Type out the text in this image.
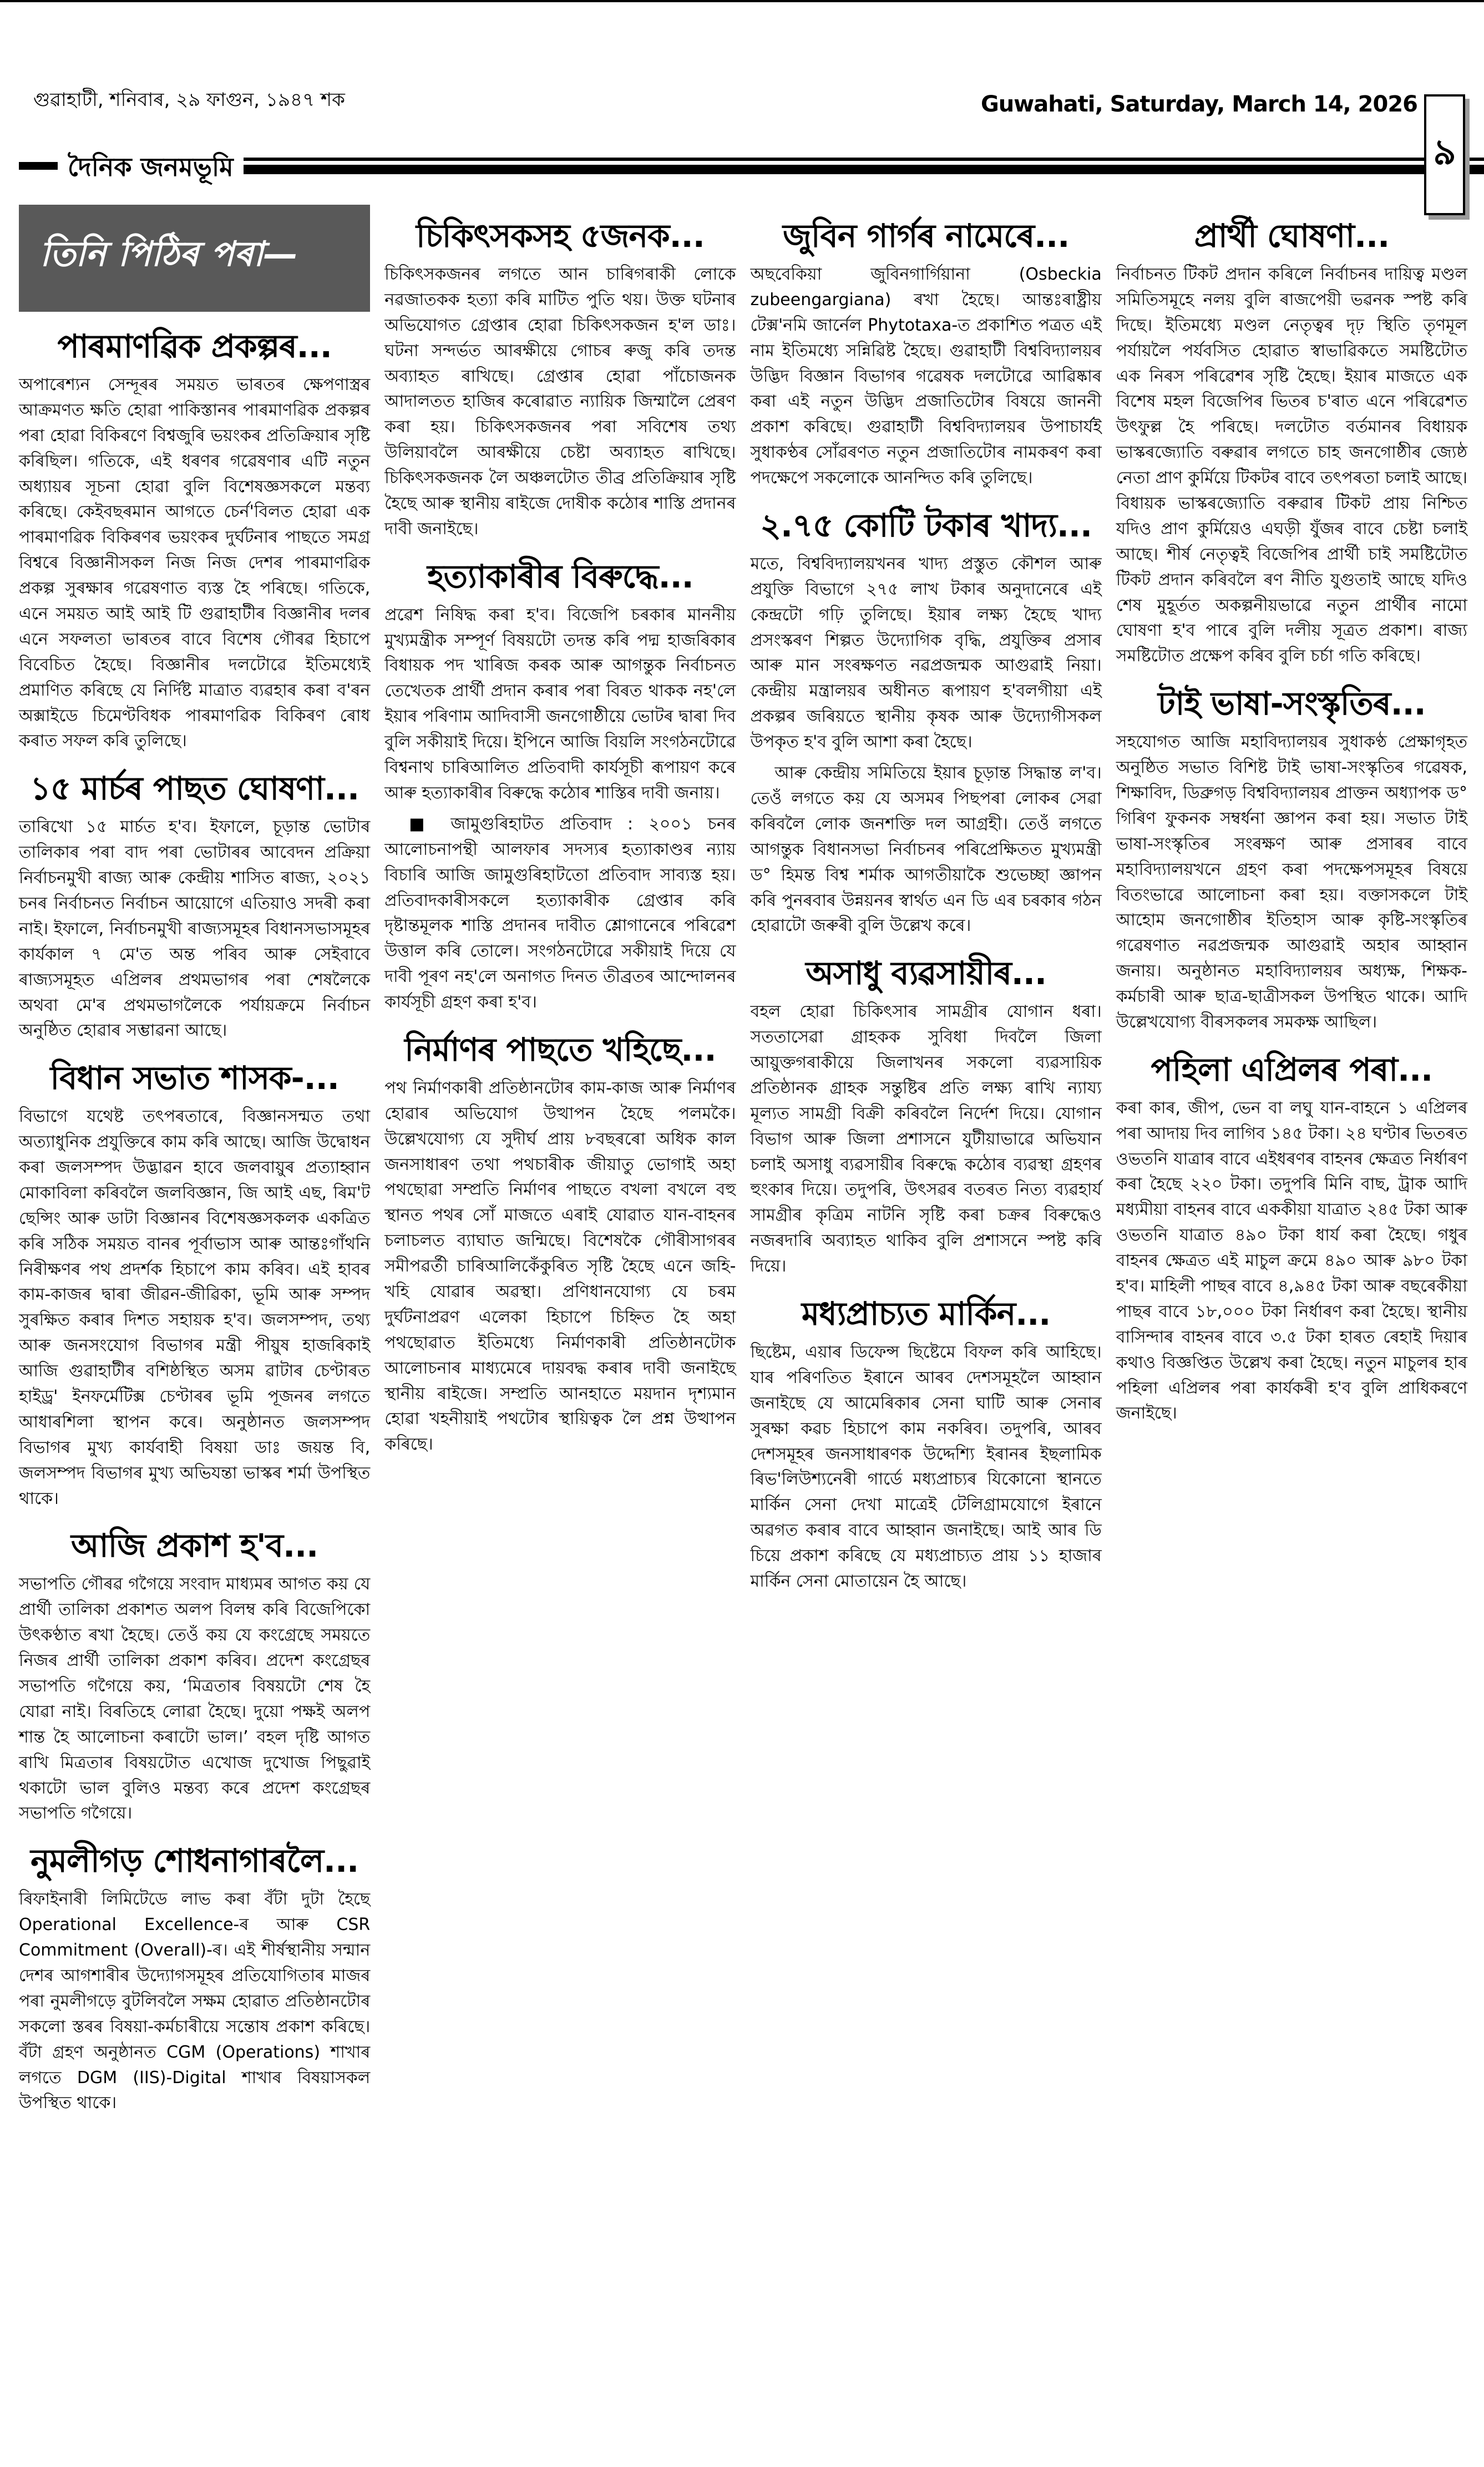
গুৱাহাটী, শনিবাৰ, ২৯ ফাগুন, ১৯৪৭ শক	Guwahati, Saturday, March 14, 2026
৯
দৈনিক জনমভূমি
তিনি পিঠিৰ পৰা—
পাৰমাণৱিক প্ৰকল্পৰ...

অপাৰেশ্যন সেন্দূৰৰ সময়ত ভাৰতৰ ক্ষেপণাস্ত্ৰৰ আক্ৰমণত ক্ষতি হোৱা পাকিস্তানৰ পাৰমাণৱিক প্ৰকল্পৰ পৰা হোৱা বিকিৰণে বিশ্বজুৰি ভয়ংকৰ প্ৰতিক্ৰিয়াৰ সৃষ্টি কৰিছিল। গতিকে, এই ধৰণৰ গৱেষণাৰ এটি নতুন অধ্যায়ৰ সূচনা হোৱা বুলি বিশেষজ্ঞসকলে মন্তব্য কৰিছে। কেইবছৰমান আগতে চেৰ্ন'বিলত হোৱা এক পাৰমাণৱিক বিকিৰণৰ ভয়ংকৰ দুৰ্ঘটনাৰ পাছতে সমগ্ৰ বিশ্বৰে বিজ্ঞানীসকল নিজ নিজ দেশৰ পাৰমাণৱিক প্ৰকল্প সুৰক্ষাৰ গৱেষণাত ব্যস্ত হৈ পৰিছে। গতিকে, এনে সময়ত আই আই টি গুৱাহাটীৰ বিজ্ঞানীৰ দলৰ এনে সফলতা ভাৰতৰ বাবে বিশেষ গৌৰৱ হিচাপে বিবেচিত হৈছে। বিজ্ঞানীৰ দলটোৱে ইতিমধ্যেই প্ৰমাণিত কৰিছে যে নিৰ্দিষ্ট মাত্ৰাত ব্যৱহাৰ কৰা ব'ৰন অক্সাইডে চিমেণ্টবিধক পাৰমাণৱিক বিকিৰণ ৰোধ কৰাত সফল কৰি তুলিছে।

১৫ মাৰ্চৰ পাছত ঘোষণা...

তাৰিখো ১৫ মাৰ্চত হ'ব। ইফালে, চূড়ান্ত ভোটাৰ তালিকাৰ পৰা বাদ পৰা ভোটাৰৰ আবেদন প্ৰক্ৰিয়া নিৰ্বাচনমুখী ৰাজ্য আৰু কেন্দ্ৰীয় শাসিত ৰাজ্য, ২০২১ চনৰ নিৰ্বাচনত নিৰ্বাচন আয়োগে এতিয়াও সদৰী কৰা নাই। ইফালে, নিৰ্বাচনমুখী ৰাজ্যসমূহৰ বিধানসভাসমূহৰ কাৰ্যকাল ৭ মে'ত অন্ত পৰিব আৰু সেইবাবে ৰাজ্যসমূহত এপ্ৰিলৰ প্ৰথমভাগৰ পৰা শেষলৈকে অথবা মে'ৰ প্ৰথমভাগলৈকে পৰ্যায়ক্ৰমে নিৰ্বাচন অনুষ্ঠিত হোৱাৰ সম্ভাৱনা আছে।

বিধান সভাত শাসক-...

বিভাগে যথেষ্ট তৎপৰতাৰে, বিজ্ঞানসন্মত তথা অত্যাধুনিক প্ৰযুক্তিৰে কাম কৰি আছে। আজি উদ্বোধন কৰা জলসম্পদ উদ্ভাৱন হাবে জলবায়ুৰ প্ৰত্যাহ্বান মোকাবিলা কৰিবলৈ জলবিজ্ঞান, জি আই এছ, ৰিম'ট ছেন্সিং আৰু ডাটা বিজ্ঞানৰ বিশেষজ্ঞসকলক একত্ৰিত কৰি সঠিক সময়ত বানৰ পূৰ্বাভাস আৰু আন্তঃগাঁথনি নিৰীক্ষণৰ পথ প্ৰদৰ্শক হিচাপে কাম কৰিব। এই হাবৰ কাম-কাজৰ দ্বাৰা জীৱন-জীৱিকা, ভূমি আৰু সম্পদ সুৰক্ষিত কৰাৰ দিশত সহায়ক হ'ব। জলসম্পদ, তথ্য আৰু জনসংযোগ বিভাগৰ মন্ত্ৰী পীয়ুষ হাজৰিকাই আজি গুৱাহাটীৰ বশিষ্ঠস্থিত অসম ৱাটাৰ চেণ্টাৰত হাইড্ৰ' ইনফৰ্মেটিক্স চেণ্টাৰৰ ভূমি পূজনৰ লগতে আধাৰশিলা স্থাপন কৰে। অনুষ্ঠানত জলসম্পদ বিভাগৰ মুখ্য কাৰ্যবাহী বিষয়া ডাঃ জয়ন্ত বি, জলসম্পদ বিভাগৰ মুখ্য অভিযন্তা ভাস্কৰ শৰ্মা উপস্থিত থাকে।

আজি প্ৰকাশ হ'ব...

সভাপতি গৌৰৱ গগৈয়ে সংবাদ মাধ্যমৰ আগত কয় যে প্ৰাৰ্থী তালিকা প্ৰকাশত অলপ বিলম্ব কৰি বিজেপিকো উৎকণ্ঠাত ৰখা হৈছে। তেওঁ কয় যে কংগ্ৰেছে সময়তে নিজৰ প্ৰাৰ্থী তালিকা প্ৰকাশ কৰিব। প্ৰদেশ কংগ্ৰেছৰ সভাপতি গগৈয়ে কয়, ‘মিত্ৰতাৰ বিষয়টো শেষ হৈ যোৱা নাই। বিৰতিহে লোৱা হৈছে। দুয়ো পক্ষই অলপ শান্ত হৈ আলোচনা কৰাটো ভাল।’ বহল দৃষ্টি আগত ৰাখি মিত্ৰতাৰ বিষয়টোত এখোজ দুখোজ পিছুৱাই থকাটো ভাল বুলিও মন্তব্য কৰে প্ৰদেশ কংগ্ৰেছৰ সভাপতি গগৈয়ে।

নুমলীগড় শোধনাগাৰলৈ...

ৰিফাইনাৰী লিমিটেডে লাভ কৰা বঁটা দুটা হৈছে Operational Excellence-ৰ আৰু CSR Commitment (Overall)-ৰ। এই শীৰ্ষস্থানীয় সন্মান দেশৰ আগশাৰীৰ উদ্যোগসমূহৰ প্ৰতিযোগিতাৰ মাজৰ পৰা নুমলীগড়ে বুটলিবলৈ সক্ষম হোৱাত প্ৰতিষ্ঠানটোৰ সকলো স্তৰৰ বিষয়া-কৰ্মচাৰীয়ে সন্তোষ প্ৰকাশ কৰিছে। বঁটা গ্ৰহণ অনুষ্ঠানত CGM (Operations) শাখাৰ লগতে DGM (IIS)-Digital শাখাৰ বিষয়াসকল উপস্থিত থাকে।

চিকিৎসকসহ ৫জনক...

চিকিৎসকজনৰ লগতে আন চাৰিগৰাকী লোকে নৱজাতকক হত্যা কৰি মাটিত পুতি থয়। উক্ত ঘটনাৰ অভিযোগত গ্ৰেপ্তাৰ হোৱা চিকিৎসকজন হ'ল ডাঃ। ঘটনা সন্দৰ্ভত আৰক্ষীয়ে গোচৰ ৰুজু কৰি তদন্ত অব্যাহত ৰাখিছে। গ্ৰেপ্তাৰ হোৱা পাঁচোজনক আদালতত হাজিৰ কৰোৱাত ন্যায়িক জিম্মালৈ প্ৰেৰণ কৰা হয়। চিকিৎসকজনৰ পৰা সবিশেষ তথ্য উলিয়াবলৈ আৰক্ষীয়ে চেষ্টা অব্যাহত ৰাখিছে। চিকিৎসকজনক লৈ অঞ্চলটোত তীব্ৰ প্ৰতিক্ৰিয়াৰ সৃষ্টি হৈছে আৰু স্থানীয় ৰাইজে দোষীক কঠোৰ শাস্তি প্ৰদানৰ দাবী জনাইছে।

হত্যাকাৰীৰ বিৰুদ্ধে...

প্ৰৱেশ নিষিদ্ধ কৰা হ'ব। বিজেপি চৰকাৰ মাননীয় মুখ্যমন্ত্ৰীক সম্পূৰ্ণ বিষয়টো তদন্ত কৰি পদ্ম হাজৰিকাৰ বিধায়ক পদ খাৰিজ কৰক আৰু আগন্তুক নিৰ্বাচনত তেখেতক প্ৰাৰ্থী প্ৰদান কৰাৰ পৰা বিৰত থাকক নহ'লে ইয়াৰ পৰিণাম আদিবাসী জনগোষ্ঠীয়ে ভোটৰ দ্বাৰা দিব বুলি সকীয়াই দিয়ে। ইপিনে আজি বিয়লি সংগঠনটোৱে বিশ্বনাথ চাৰিআলিত প্ৰতিবাদী কাৰ্যসূচী ৰূপায়ণ কৰে আৰু হত্যাকাৰীৰ বিৰুদ্ধে কঠোৰ শাস্তিৰ দাবী জনায়।

■ জামুগুৰিহাটত প্ৰতিবাদ : ২০০১ চনৰ আলোচনাপন্থী আলফাৰ সদস্যৰ হত্যাকাণ্ডৰ ন্যায় বিচাৰি আজি জামুগুৰিহাটতো প্ৰতিবাদ সাব্যস্ত হয়। প্ৰতিবাদকাৰীসকলে হত্যাকাৰীক গ্ৰেপ্তাৰ কৰি দৃষ্টান্তমূলক শাস্তি প্ৰদানৰ দাবীত শ্লোগানেৰে পৰিৱেশ উত্তাল কৰি তোলে। সংগঠনটোৱে সকীয়াই দিয়ে যে দাবী পূৰণ নহ'লে অনাগত দিনত তীব্ৰতৰ আন্দোলনৰ কাৰ্যসূচী গ্ৰহণ কৰা হ'ব।

নিৰ্মাণৰ পাছতে খহিছে...

পথ নিৰ্মাণকাৰী প্ৰতিষ্ঠানটোৰ কাম-কাজ আৰু নিৰ্মাণৰ হোৱাৰ অভিযোগ উত্থাপন হৈছে পলমকৈ। উল্লেখযোগ্য যে সুদীৰ্ঘ প্ৰায় ৮বছৰৰো অধিক কাল জনসাধাৰণ তথা পথচাৰীক জীয়াতু ভোগাই অহা পথছোৱা সম্প্ৰতি নিৰ্মাণৰ পাছতে বখলা বখলে বহু স্থানত পথৰ সোঁ মাজতে এৰাই যোৱাত যান-বাহনৰ চলাচলত ব্যাঘাত জন্মিছে। বিশেষকৈ গৌৰীসাগৰৰ সমীপৱৰ্তী চাৰিআলিকেঁকুৰিত সৃষ্টি হৈছে এনে জহি-খহি যোৱাৰ অৱস্থা। প্ৰণিধানযোগ্য যে চৰম দুৰ্ঘটনাপ্ৰৱণ এলেকা হিচাপে চিহ্নিত হৈ অহা পথছোৱাত ইতিমধ্যে নিৰ্মাণকাৰী প্ৰতিষ্ঠানটোক আলোচনাৰ মাধ্যমেৰে দায়বদ্ধ কৰাৰ দাবী জনাইছে স্থানীয় ৰাইজে। সম্প্ৰতি আনহাতে ময়দান দৃশ্যমান হোৱা খহনীয়াই পথটোৰ স্থায়িত্বক লৈ প্ৰশ্ন উত্থাপন কৰিছে।

জুবিন গাৰ্গৰ নামেৰে...

অছবেকিয়া জুবিনগাৰ্গিয়ানা (Osbeckia zubeengargiana) ৰখা হৈছে। আন্তঃৰাষ্ট্ৰীয় টেক্স'নমি জাৰ্নেল Phytotaxa-ত প্ৰকাশিত পত্ৰত এই নাম ইতিমধ্যে সন্নিৱিষ্ট হৈছে। গুৱাহাটী বিশ্ববিদ্যালয়ৰ উদ্ভিদ বিজ্ঞান বিভাগৰ গৱেষক দলটোৱে আৱিষ্কাৰ কৰা এই নতুন উদ্ভিদ প্ৰজাতিটোৰ বিষয়ে জাননী প্ৰকাশ কৰিছে। গুৱাহাটী বিশ্ববিদ্যালয়ৰ উপাচাৰ্যই সুধাকণ্ঠৰ সোঁৱৰণত নতুন প্ৰজাতিটোৰ নামকৰণ কৰা পদক্ষেপে সকলোকে আনন্দিত কৰি তুলিছে।

২.৭৫ কোটি টকাৰ খাদ্য...

মতে, বিশ্ববিদ্যালয়খনৰ খাদ্য প্ৰস্তুত কৌশল আৰু প্ৰযুক্তি বিভাগে ২৭৫ লাখ টকাৰ অনুদানেৰে এই কেন্দ্ৰটো গঢ়ি তুলিছে। ইয়াৰ লক্ষ্য হৈছে খাদ্য প্ৰসংস্কৰণ শিল্পত উদ্যোগিক বৃদ্ধি, প্ৰযুক্তিৰ প্ৰসাৰ আৰু মান সংৰক্ষণত নৱপ্ৰজন্মক আগুৱাই নিয়া। কেন্দ্ৰীয় মন্ত্ৰালয়ৰ অধীনত ৰূপায়ণ হ'বলগীয়া এই প্ৰকল্পৰ জৰিয়তে স্থানীয় কৃষক আৰু উদ্যোগীসকল উপকৃত হ'ব বুলি আশা কৰা হৈছে।

আৰু কেন্দ্ৰীয় সমিতিয়ে ইয়াৰ চূড়ান্ত সিদ্ধান্ত ল'ব। তেওঁ লগতে কয় যে অসমৰ পিছপৰা লোকৰ সেৱা কৰিবলৈ লোক জনশক্তি দল আগ্ৰহী। তেওঁ লগতে আগন্তুক বিধানসভা নিৰ্বাচনৰ পৰিপ্ৰেক্ষিতত মুখ্যমন্ত্ৰী ড° হিমন্ত বিশ্ব শৰ্মাক আগতীয়াকৈ শুভেচ্ছা জ্ঞাপন কৰি পুনৰবাৰ উন্নয়নৰ স্বাৰ্থত এন ডি এৰ চৰকাৰ গঠন হোৱাটো জৰুৰী বুলি উল্লেখ কৰে।

অসাধু ব্যৱসায়ীৰ...

বহল হোৱা চিকিৎসাৰ সামগ্ৰীৰ যোগান ধৰা। সততাসেৱা গ্ৰাহকক সুবিধা দিবলৈ জিলা আয়ুক্তগৰাকীয়ে জিলাখনৰ সকলো ব্যৱসায়িক প্ৰতিষ্ঠানক গ্ৰাহক সন্তুষ্টিৰ প্ৰতি লক্ষ্য ৰাখি ন্যায্য মূল্যত সামগ্ৰী বিক্ৰী কৰিবলৈ নিৰ্দেশ দিয়ে। যোগান বিভাগ আৰু জিলা প্ৰশাসনে যুটীয়াভাৱে অভিযান চলাই অসাধু ব্যৱসায়ীৰ বিৰুদ্ধে কঠোৰ ব্যৱস্থা গ্ৰহণৰ হুংকাৰ দিয়ে। তদুপৰি, উৎসৱৰ বতৰত নিত্য ব্যৱহাৰ্য সামগ্ৰীৰ কৃত্ৰিম নাটনি সৃষ্টি কৰা চক্ৰৰ বিৰুদ্ধেও নজৰদাৰি অব্যাহত থাকিব বুলি প্ৰশাসনে স্পষ্ট কৰি দিয়ে।

মধ্যপ্ৰাচ্যত মাৰ্কিন...

ছিষ্টেম, এয়াৰ ডিফেন্স ছিষ্টেমে বিফল কৰি আহিছে। যাৰ পৰিণতিত ইৰানে আৰব দেশসমূহলৈ আহ্বান জনাইছে যে আমেৰিকাৰ সেনা ঘাটি আৰু সেনাৰ সুৰক্ষা কৱচ হিচাপে কাম নকৰিব। তদুপৰি, আৰব দেশসমূহৰ জনসাধাৰণক উদ্দেশ্যি ইৰানৰ ইছলামিক ৰিভ'লিউশ্যনেৰী গাৰ্ডে মধ্যপ্ৰাচ্যৰ যিকোনো স্থানতে মাৰ্কিন সেনা দেখা মাত্ৰেই টেলিগ্ৰামযোগে ইৰানে অৱগত কৰাৰ বাবে আহ্বান জনাইছে। আই আৰ ডি চিয়ে প্ৰকাশ কৰিছে যে মধ্যপ্ৰাচ্যত প্ৰায় ১১ হাজাৰ মাৰ্কিন সেনা মোতায়েন হৈ আছে।

প্ৰাৰ্থী ঘোষণা...

নিৰ্বাচনত টিকট প্ৰদান কৰিলে নিৰ্বাচনৰ দায়িত্ব মণ্ডল সমিতিসমূহে নলয় বুলি ৰাজপেয়ী ভৱনক স্পষ্ট কৰি দিছে। ইতিমধ্যে মণ্ডল নেতৃত্বৰ দৃঢ় স্থিতি তৃণমূল পৰ্যায়লৈ পৰ্যবসিত হোৱাত স্বাভাৱিকতে সমষ্টিটোত এক নিৰস পৰিৱেশৰ সৃষ্টি হৈছে। ইয়াৰ মাজতে এক বিশেষ মহল বিজেপিৰ ভিতৰ চ'ৰাত এনে পৰিৱেশত উৎফুল্ল হৈ পৰিছে। দলটোত বৰ্তমানৰ বিধায়ক ভাস্কৰজ্যোতি বৰুৱাৰ লগতে চাহ জনগোষ্ঠীৰ জ্যেষ্ঠ নেতা প্ৰাণ কুৰ্মিয়ে টিকটৰ বাবে তৎপৰতা চলাই আছে। বিধায়ক ভাস্কৰজ্যোতি বৰুৱাৰ টিকট প্ৰায় নিশ্চিত যদিও প্ৰাণ কুৰ্মিয়েও এঘড়ী যুঁজৰ বাবে চেষ্টা চলাই আছে। শীৰ্ষ নেতৃত্বই বিজেপিৰ প্ৰাৰ্থী চাই সমষ্টিটোত টিকট প্ৰদান কৰিবলৈ ৰণ নীতি যুগুতাই আছে যদিও শেষ মুহূৰ্তত অকল্পনীয়ভাৱে নতুন প্ৰাৰ্থীৰ নামো ঘোষণা হ'ব পাৰে বুলি দলীয় সূত্ৰত প্ৰকাশ। ৰাজ্য সমষ্টিটোত প্ৰক্ষেপ কৰিব বুলি চৰ্চা গতি কৰিছে।

টাই ভাষা-সংস্কৃতিৰ...

সহযোগত আজি মহাবিদ্যালয়ৰ সুধাকণ্ঠ প্ৰেক্ষাগৃহত অনুষ্ঠিত সভাত বিশিষ্ট টাই ভাষা-সংস্কৃতিৰ গৱেষক, শিক্ষাবিদ, ডিব্ৰুগড় বিশ্ববিদ্যালয়ৰ প্ৰাক্তন অধ্যাপক ড° গিৰিণ ফুকনক সম্বৰ্ধনা জ্ঞাপন কৰা হয়। সভাত টাই ভাষা-সংস্কৃতিৰ সংৰক্ষণ আৰু প্ৰসাৰৰ বাবে মহাবিদ্যালয়খনে গ্ৰহণ কৰা পদক্ষেপসমূহৰ বিষয়ে বিতংভাৱে আলোচনা কৰা হয়। বক্তাসকলে টাই আহোম জনগোষ্ঠীৰ ইতিহাস আৰু কৃষ্টি-সংস্কৃতিৰ গৱেষণাত নৱপ্ৰজন্মক আগুৱাই অহাৰ আহ্বান জনায়। অনুষ্ঠানত মহাবিদ্যালয়ৰ অধ্যক্ষ, শিক্ষক-কৰ্মচাৰী আৰু ছাত্ৰ-ছাত্ৰীসকল উপস্থিত থাকে। আদি উল্লেখযোগ্য বীৰসকলৰ সমকক্ষ আছিল।

পহিলা এপ্ৰিলৰ পৰা...

কৰা কাৰ, জীপ, ভেন বা লঘু যান-বাহনে ১ এপ্ৰিলৰ পৰা আদায় দিব লাগিব ১৪৫ টকা। ২৪ ঘণ্টাৰ ভিতৰত ওভতনি যাত্ৰাৰ বাবে এইধৰণৰ বাহনৰ ক্ষেত্ৰত নিৰ্ধাৰণ কৰা হৈছে ২২০ টকা। তদুপৰি মিনি বাছ, ট্ৰাক আদি মধ্যমীয়া বাহনৰ বাবে এককীয়া যাত্ৰাত ২৪৫ টকা আৰু ওভতনি যাত্ৰাত ৪৯০ টকা ধাৰ্য কৰা হৈছে। গধুৰ বাহনৰ ক্ষেত্ৰত এই মাচুল ক্ৰমে ৪৯০ আৰু ৯৮০ টকা হ'ব। মাহিলী পাছৰ বাবে ৪,৯৪৫ টকা আৰু বছৰেকীয়া পাছৰ বাবে ১৮,০০০ টকা নিৰ্ধাৰণ কৰা হৈছে। স্থানীয় বাসিন্দাৰ বাহনৰ বাবে ৩.৫ টকা হাৰত ৰেহাই দিয়াৰ কথাও বিজ্ঞপ্তিত উল্লেখ কৰা হৈছে। নতুন মাচুলৰ হাৰ পহিলা এপ্ৰিলৰ পৰা কাৰ্যকৰী হ'ব বুলি প্ৰাধিকৰণে জনাইছে।
